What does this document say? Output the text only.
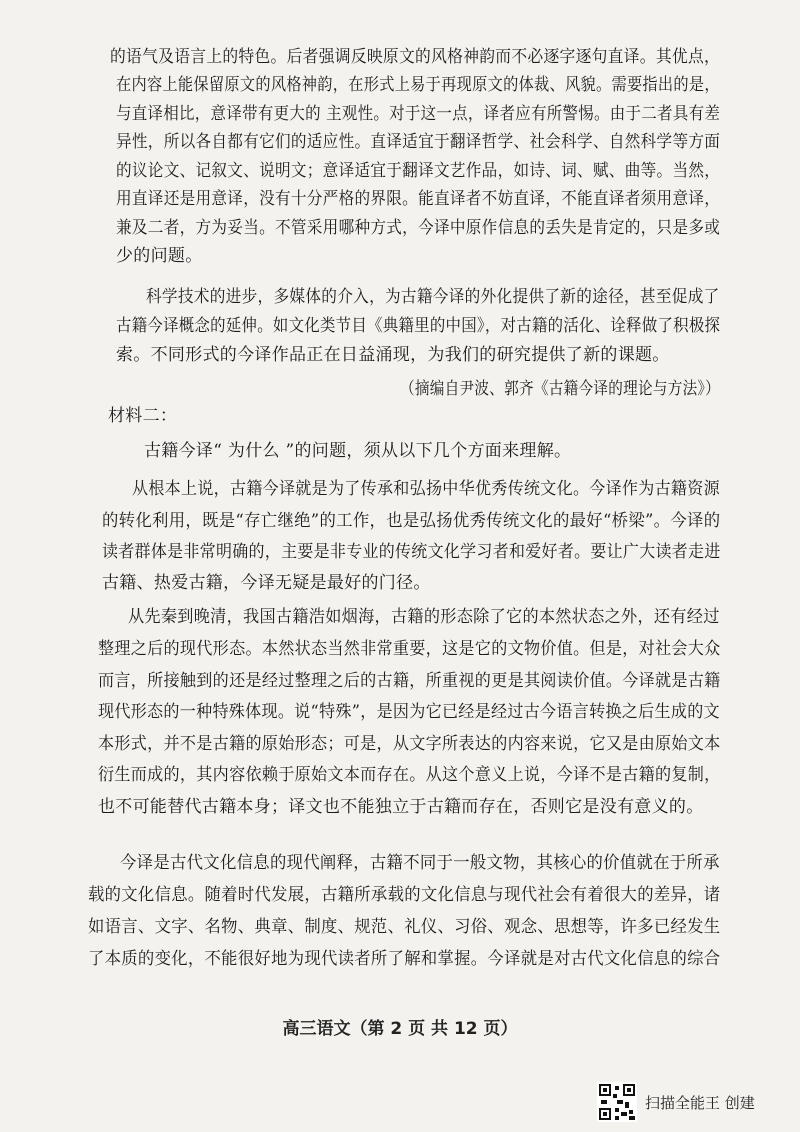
的语气及语言上的特色。后者强调反映原文的风格神韵而不必逐字逐句直译。其优点，
在内容上能保留原文的风格神韵，在形式上易于再现原文的体裁、风貌。需要指出的是，
与直译相比，意译带有更大的 主观性。对于这一点，译者应有所警惕。由于二者具有差
异性，所以各自都有它们的适应性。直译适宜于翻译哲学、社会科学、自然科学等方面
的议论文、记叙文、说明文；意译适宜于翻译文艺作品，如诗、词、赋、曲等。当然，
用直译还是用意译，没有十分严格的界限。能直译者不妨直译，不能直译者须用意译，
兼及二者，方为妥当。不管采用哪种方式，今译中原作信息的丢失是肯定的，只是多或
少的问题。
科学技术的进步，多媒体的介入，为古籍今译的外化提供了新的途径，甚至促成了
古籍今译概念的延伸。如文化类节目《典籍里的中国》，对古籍的活化、诠释做了积极探
索。不同形式的今译作品正在日益涌现，为我们的研究提供了新的课题。
（摘编自尹波、郭齐《古籍今译的理论与方法》）
材料二：
古籍今译“ 为什么 ”的问题，须从以下几个方面来理解。
从根本上说，古籍今译就是为了传承和弘扬中华优秀传统文化。今译作为古籍资源
的转化利用，既是“存亡继绝”的工作，也是弘扬优秀传统文化的最好“桥梁”。今译的
读者群体是非常明确的，主要是非专业的传统文化学习者和爱好者。要让广大读者走进
古籍、热爱古籍，今译无疑是最好的门径。
从先秦到晚清，我国古籍浩如烟海，古籍的形态除了它的本然状态之外，还有经过
整理之后的现代形态。本然状态当然非常重要，这是它的文物价值。但是，对社会大众
而言，所接触到的还是经过整理之后的古籍，所重视的更是其阅读价值。今译就是古籍
现代形态的一种特殊体现。说“特殊”，是因为它已经是经过古今语言转换之后生成的文
本形式，并不是古籍的原始形态；可是，从文字所表达的内容来说，它又是由原始文本
衍生而成的，其内容依赖于原始文本而存在。从这个意义上说，今译不是古籍的复制，
也不可能替代古籍本身；译文也不能独立于古籍而存在，否则它是没有意义的。
今译是古代文化信息的现代阐释，古籍不同于一般文物，其核心的价值就在于所承
载的文化信息。随着时代发展，古籍所承载的文化信息与现代社会有着很大的差异，诸
如语言、文字、名物、典章、制度、规范、礼仪、习俗、观念、思想等，许多已经发生
了本质的变化，不能很好地为现代读者所了解和掌握。今译就是对古代文化信息的综合
高三语文（第 2 页 共 12 页）
扫描全能王 创建
